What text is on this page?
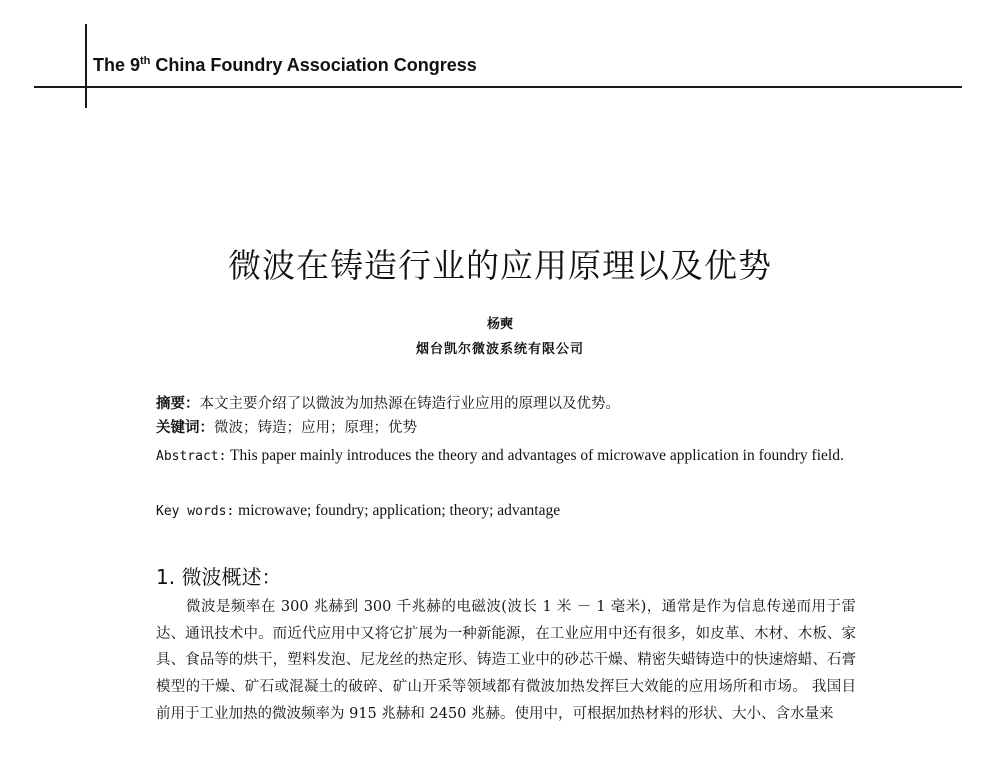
The 9th China Foundry Association Congress
微波在铸造行业的应用原理以及优势
杨奭
烟台凯尔微波系统有限公司
摘要：本文主要介绍了以微波为加热源在铸造行业应用的原理以及优势。
关键词：微波；铸造；应用；原理；优势
Abstract: This paper mainly introduces the theory and advantages of microwave application in foundry field.
Key words: microwave; foundry; application; theory; advantage
1. 微波概述：

微波是频率在 300 兆赫到 300 千兆赫的电磁波(波长 1 米 － 1 毫米)，通常是作为信息传递而用于雷达、通讯技术中。而近代应用中又将它扩展为一种新能源，在工业应用中还有很多，如皮革、木材、木板、家具、食品等的烘干，塑料发泡、尼龙丝的热定形、铸造工业中的砂芯干燥、精密失蜡铸造中的快速熔蜡、石膏模型的干燥、矿石或混凝土的破碎、矿山开采等领域都有微波加热发挥巨大效能的应用场所和市场。 我国目前用于工业加热的微波频率为 915 兆赫和 2450 兆赫。使用中，可根据加热材料的形状、大小、含水量来
